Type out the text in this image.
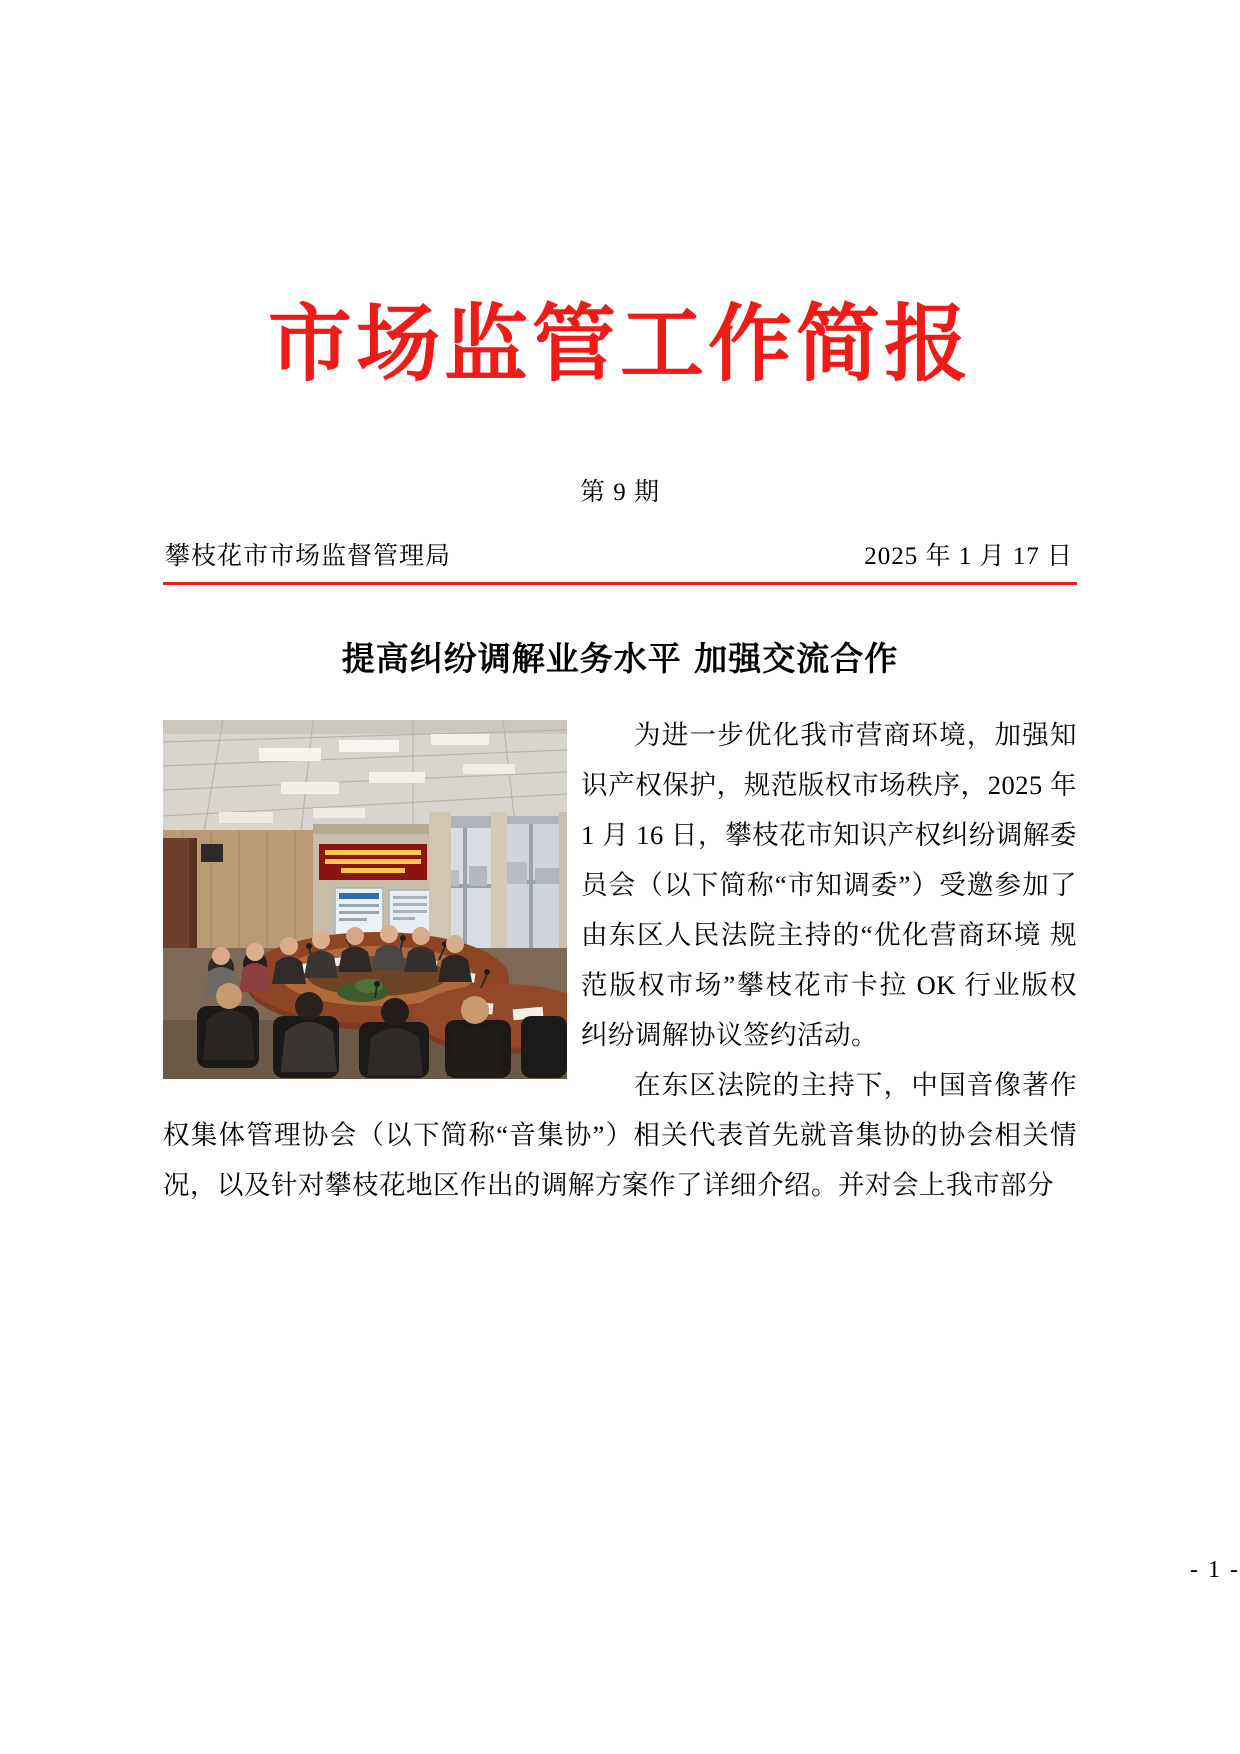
市场监管工作简报
第 9 期
攀枝花市市场监督管理局	2025 年 1 月 17 日
提高纠纷调解业务水平 加强交流合作

为进一步优化我市营商环境，加强知识产权保护，规范版权市场秩序，2025 年 1 月 16 日，攀枝花市知识产权纠纷调解委员会（以下简称“市知调委”）受邀参加了由东区人民法院主持的“优化营商环境 规范版权市场”攀枝花市卡拉 OK 行业版权纠纷调解协议签约活动。

在东区法院的主持下，中国音像著作权集体管理协会（以下简称“音集协”）相关代表首先就音集协的协会相关情况，以及针对攀枝花地区作出的调解方案作了详细介绍。并对会上我市部分

- 1 -
